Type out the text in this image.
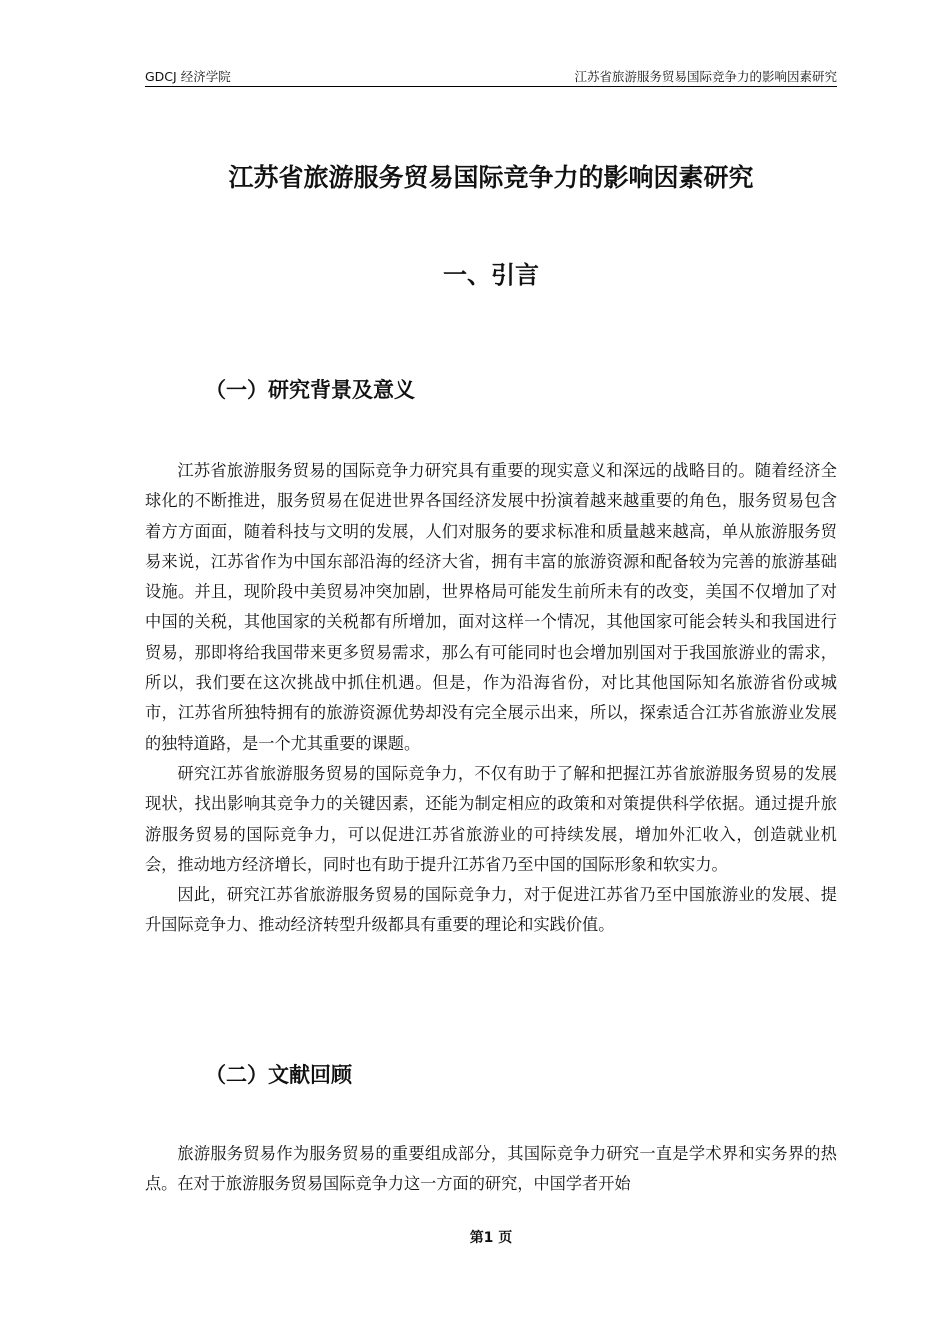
GDCJ 经济学院	江苏省旅游服务贸易国际竞争力的影响因素研究
江苏省旅游服务贸易国际竞争力的影响因素研究
一、引言
（一）研究背景及意义

江苏省旅游服务贸易的国际竞争力研究具有重要的现实意义和深远的战略目的。随着经济全球化的不断推进，服务贸易在促进世界各国经济发展中扮演着越来越重要的角色，服务贸易包含着方方面面，随着科技与文明的发展，人们对服务的要求标准和质量越来越高，单从旅游服务贸易来说，江苏省作为中国东部沿海的经济大省，拥有丰富的旅游资源和配备较为完善的旅游基础设施。并且，现阶段中美贸易冲突加剧，世界格局可能发生前所未有的改变，美国不仅增加了对中国的关税，其他国家的关税都有所增加，面对这样一个情况，其他国家可能会转头和我国进行贸易，那即将给我国带来更多贸易需求，那么有可能同时也会增加别国对于我国旅游业的需求，所以，我们要在这次挑战中抓住机遇。但是，作为沿海省份，对比其他国际知名旅游省份或城市，江苏省所独特拥有的旅游资源优势却没有完全展示出来，所以，探索适合江苏省旅游业发展的独特道路，是一个尤其重要的课题。

研究江苏省旅游服务贸易的国际竞争力，不仅有助于了解和把握江苏省旅游服务贸易的发展现状，找出影响其竞争力的关键因素，还能为制定相应的政策和对策提供科学依据。通过提升旅游服务贸易的国际竞争力，可以促进江苏省旅游业的可持续发展，增加外汇收入，创造就业机会，推动地方经济增长，同时也有助于提升江苏省乃至中国的国际形象和软实力。

因此，研究江苏省旅游服务贸易的国际竞争力，对于促进江苏省乃至中国旅游业的发展、提升国际竞争力、推动经济转型升级都具有重要的理论和实践价值。

（二）文献回顾

旅游服务贸易作为服务贸易的重要组成部分，其国际竞争力研究一直是学术界和实务界的热点。在对于旅游服务贸易国际竞争力这一方面的研究，中国学者开始

第1 页
